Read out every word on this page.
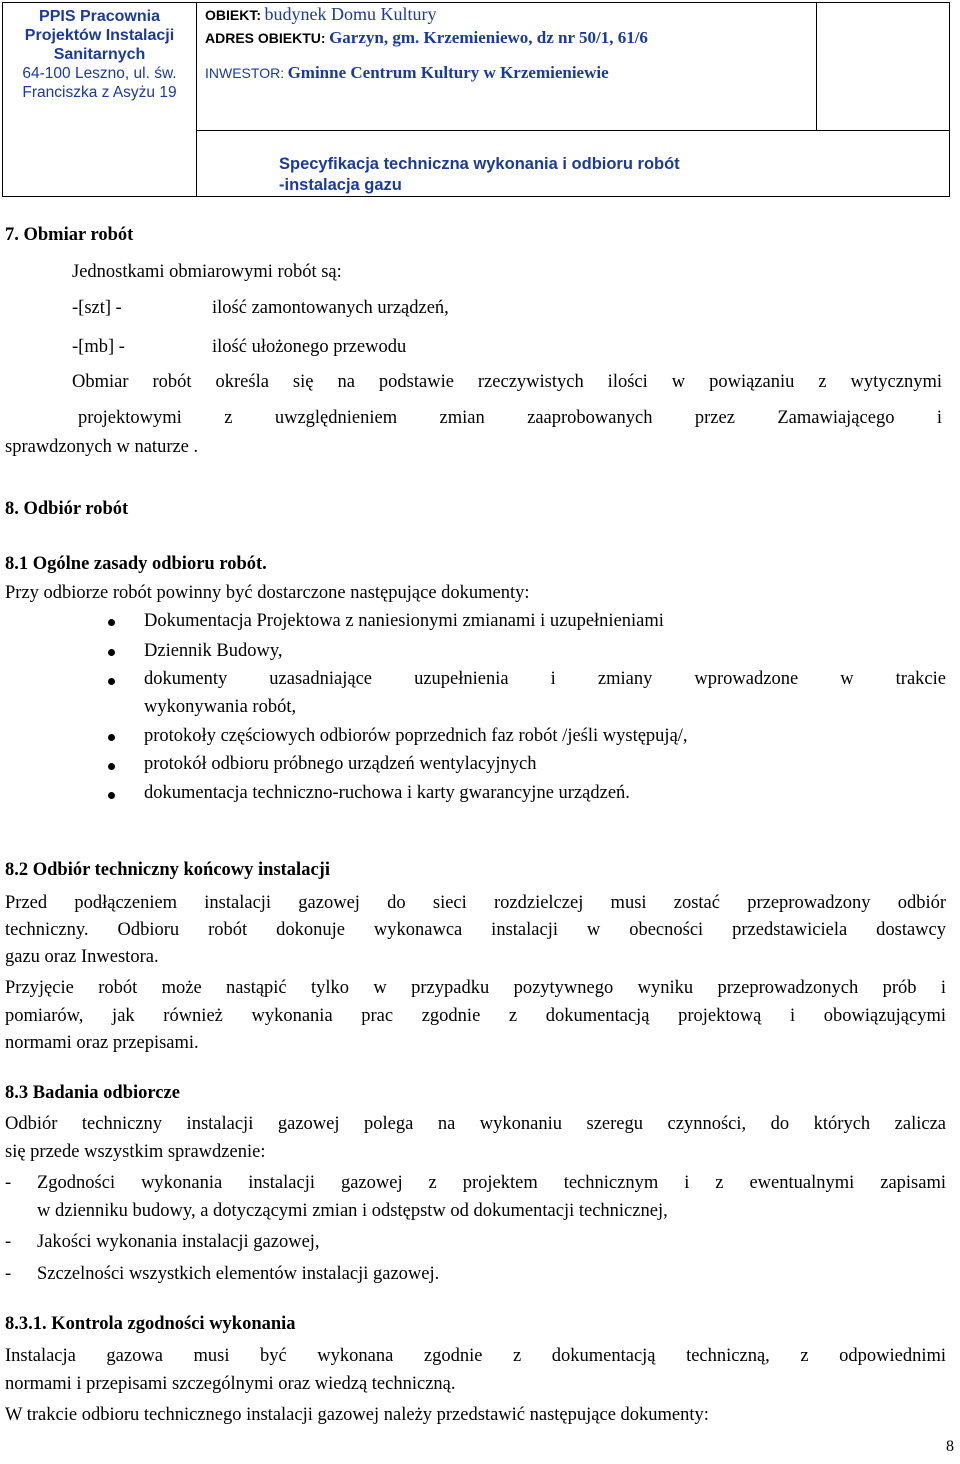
PPIS Pracownia
Projektów Instalacji
Sanitarnych
64-100 Leszno, ul. św.
Franciszka z Asyżu 19

OBIEKT: budynek Domu Kultury
ADRES OBIEKTU: Garzyn, gm. Krzemieniewo, dz nr 50/1, 61/6
INWESTOR: Gminne Centrum Kultury w Krzemieniewie

Specyfikacja techniczna wykonania i odbioru robót
-instalacja gazu
7. Obmiar robót
Jednostkami obmiarowymi robót są:
-[szt] -	ilość zamontowanych urządzeń,
-[mb] -	ilość ułożonego przewodu
Obmiar robót określa się na podstawie rzeczywistych ilości w powiązaniu z wytycznymi
projektowymi z uwzględnieniem zmian zaaprobowanych przez Zamawiającego i
sprawdzonych w naturze .
8. Odbiór robót
8.1 Ogólne zasady odbioru robót.
Przy odbiorze robót powinny być dostarczone następujące dokumenty:
Dokumentacja Projektowa z naniesionymi zmianami i uzupełnieniami
Dziennik Budowy,
dokumenty uzasadniające uzupełnienia i zmiany wprowadzone w trakcie
wykonywania robót,
protokoły częściowych odbiorów poprzednich faz robót /jeśli występują/,
protokół odbioru próbnego urządzeń wentylacyjnych
dokumentacja techniczno-ruchowa i karty gwarancyjne urządzeń.
8.2 Odbiór techniczny końcowy instalacji
Przed podłączeniem instalacji gazowej do sieci rozdzielczej musi zostać przeprowadzony odbiór
techniczny. Odbioru robót dokonuje wykonawca instalacji w obecności przedstawiciela dostawcy
gazu oraz Inwestora.
Przyjęcie robót może nastąpić tylko w przypadku pozytywnego wyniku przeprowadzonych prób i
pomiarów, jak również wykonania prac zgodnie z dokumentacją projektową i obowiązującymi
normami oraz przepisami.
8.3 Badania odbiorcze
Odbiór techniczny instalacji gazowej polega na wykonaniu szeregu czynności, do których zalicza
się przede wszystkim sprawdzenie:
- Zgodności wykonania instalacji gazowej z projektem technicznym i z ewentualnymi zapisami
w dzienniku budowy, a dotyczącymi zmian i odstępstw od dokumentacji technicznej,
- Jakości wykonania instalacji gazowej,
- Szczelności wszystkich elementów instalacji gazowej.
8.3.1. Kontrola zgodności wykonania
Instalacja gazowa musi być wykonana zgodnie z dokumentacją techniczną, z odpowiednimi
normami i przepisami szczególnymi oraz wiedzą techniczną.
W trakcie odbioru technicznego instalacji gazowej należy przedstawić następujące dokumenty:
8
